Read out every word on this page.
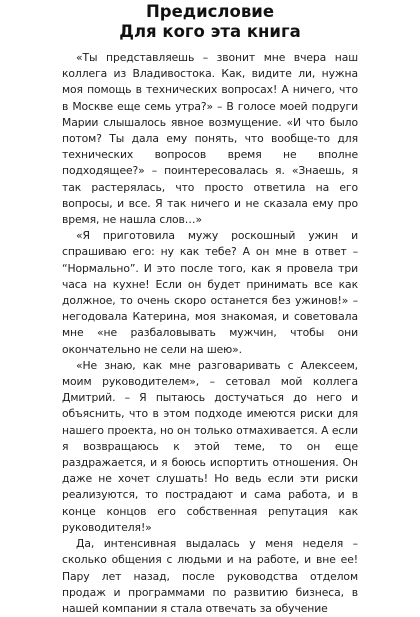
Предисловие
Для кого эта книга

«Ты представляешь – звонит мне вчера наш коллега из Владивостока. Как, видите ли, нужна моя помощь в технических вопросах! А ничего, что в Москве еще семь утра?» – В голосе моей подруги Марии слышалось явное возмущение. «И что было потом? Ты дала ему понять, что вообще-то для технических вопросов время не вполне подходящее?» – поинтересовалась я. «Знаешь, я так растерялась, что просто ответила на его вопросы, и все. Я так ничего и не сказала ему про время, не нашла слов…»

«Я приготовила мужу роскошный ужин и спрашиваю его: ну как тебе? А он мне в ответ – “Нормально”. И это после того, как я провела три часа на кухне! Если он будет принимать все как должное, то очень скоро останется без ужинов!» – негодовала Катерина, моя знакомая, и советовала мне «не разбаловывать мужчин, чтобы они окончательно не сели на шею».

«Не знаю, как мне разговаривать с Алексеем, моим руководителем», – сетовал мой коллега Дмитрий. – Я пытаюсь достучаться до него и объяснить, что в этом подходе имеются риски для нашего проекта, но он только отмахивается. А если я возвращаюсь к этой теме, то он еще раздражается, и я боюсь испортить отношения. Он даже не хочет слушать! Но ведь если эти риски реализуются, то пострадают и сама работа, и в конце концов его собственная репутация как руководителя!»

Да, интенсивная выдалась у меня неделя – сколько общения с людьми и на работе, и вне ее! Пару лет назад, после руководства отделом продаж и программами по развитию бизнеса, в нашей компании я стала отвечать за обучение
